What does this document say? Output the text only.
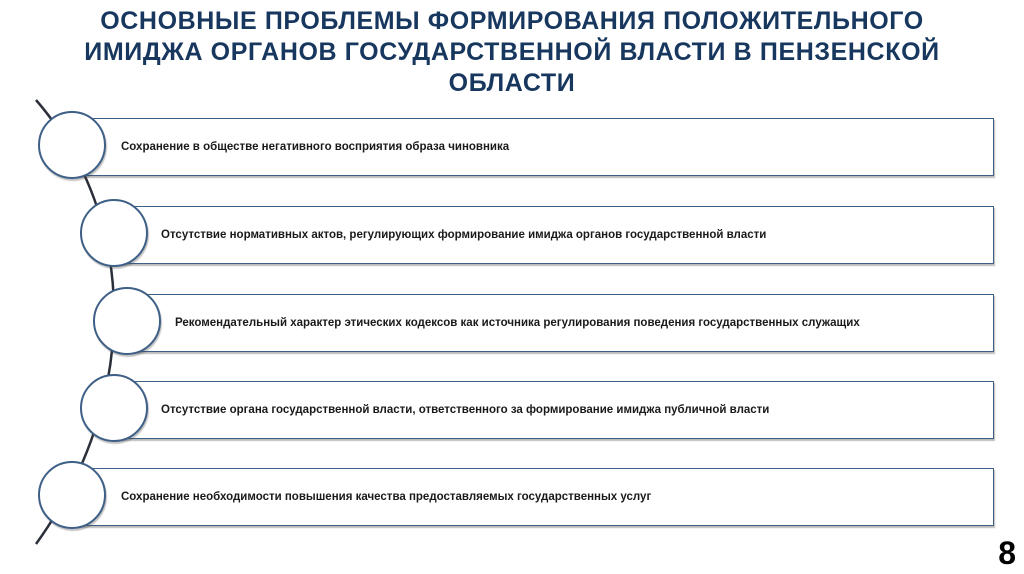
ОСНОВНЫЕ ПРОБЛЕМЫ ФОРМИРОВАНИЯ ПОЛОЖИТЕЛЬНОГО ИМИДЖА ОРГАНОВ ГОСУДАРСТВЕННОЙ ВЛАСТИ В ПЕНЗЕНСКОЙ ОБЛАСТИ
Сохранение в обществе негативного восприятия образа чиновника
Отсутствие нормативных актов, регулирующих формирование имиджа органов государственной власти
Рекомендательный характер этических кодексов как источника регулирования поведения государственных служащих
Отсутствие органа государственной власти, ответственного за формирование имиджа публичной власти
Сохранение необходимости повышения качества предоставляемых государственных услуг
8
